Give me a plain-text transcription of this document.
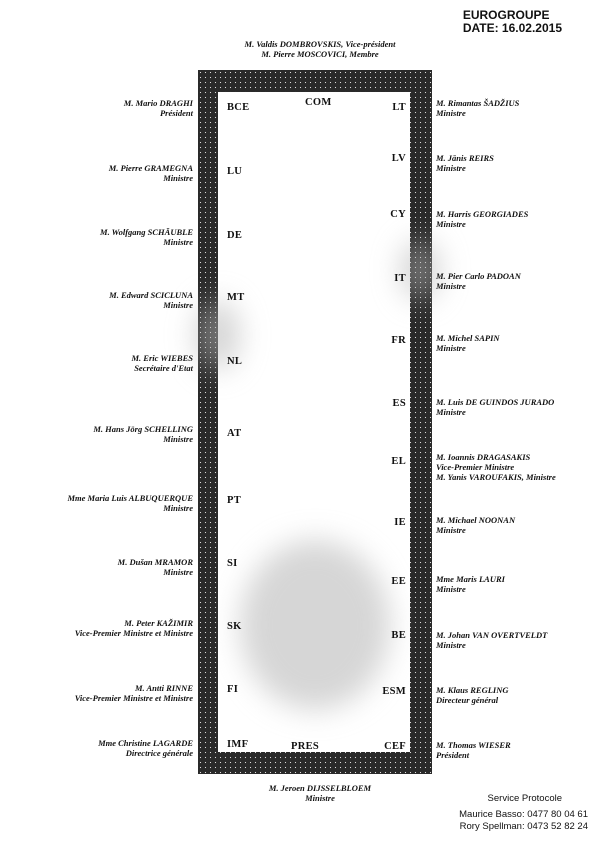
EUROGROUPE
DATE: 16.02.2015
M. Valdis DOMBROVSKIS, Vice-président
M. Pierre MOSCOVICI, Membre
COM
PRES
BCE
M. Mario DRAGHI
Président
LU
M. Pierre GRAMEGNA
Ministre
DE
M. Wolfgang SCHÄUBLE
Ministre
MT
M. Edward SCICLUNA
Ministre
NL
M. Eric WIEBES
Secrétaire d'Etat
AT
M. Hans Jörg SCHELLING
Ministre
PT
Mme Maria Luis ALBUQUERQUE
Ministre
SI
M. Dušan MRAMOR
Ministre
SK
M. Peter KAŽIMIR
Vice-Premier Ministre et Ministre
FI
M. Antti RINNE
Vice-Premier Ministre et Ministre
IMF
Mme Christine LAGARDE
Directrice générale
LT	M. Rimantas ŠADŽIUS
Ministre
LV	M. Jānis REIRS
Ministre
CY	M. Harris GEORGIADES
Ministre
IT	M. Pier Carlo PADOAN
Ministre
FR	M. Michel SAPIN
Ministre
ES	M. Luis DE GUINDOS JURADO
Ministre
EL	M. Ioannis DRAGASAKIS
Vice-Premier Ministre
M. Yanis VAROUFAKIS, Ministre
IE	M. Michael NOONAN
Ministre
EE	Mme Maris LAURI
Ministre
BE	M. Johan VAN OVERTVELDT
Ministre
ESM	M. Klaus REGLING
Directeur général
CEF	M. Thomas WIESER
Président
M. Jeroen DIJSSELBLOEM
Ministre	Service Protocole
Maurice Basso: 0477 80 04 61
Rory Spellman: 0473 52 82 24
